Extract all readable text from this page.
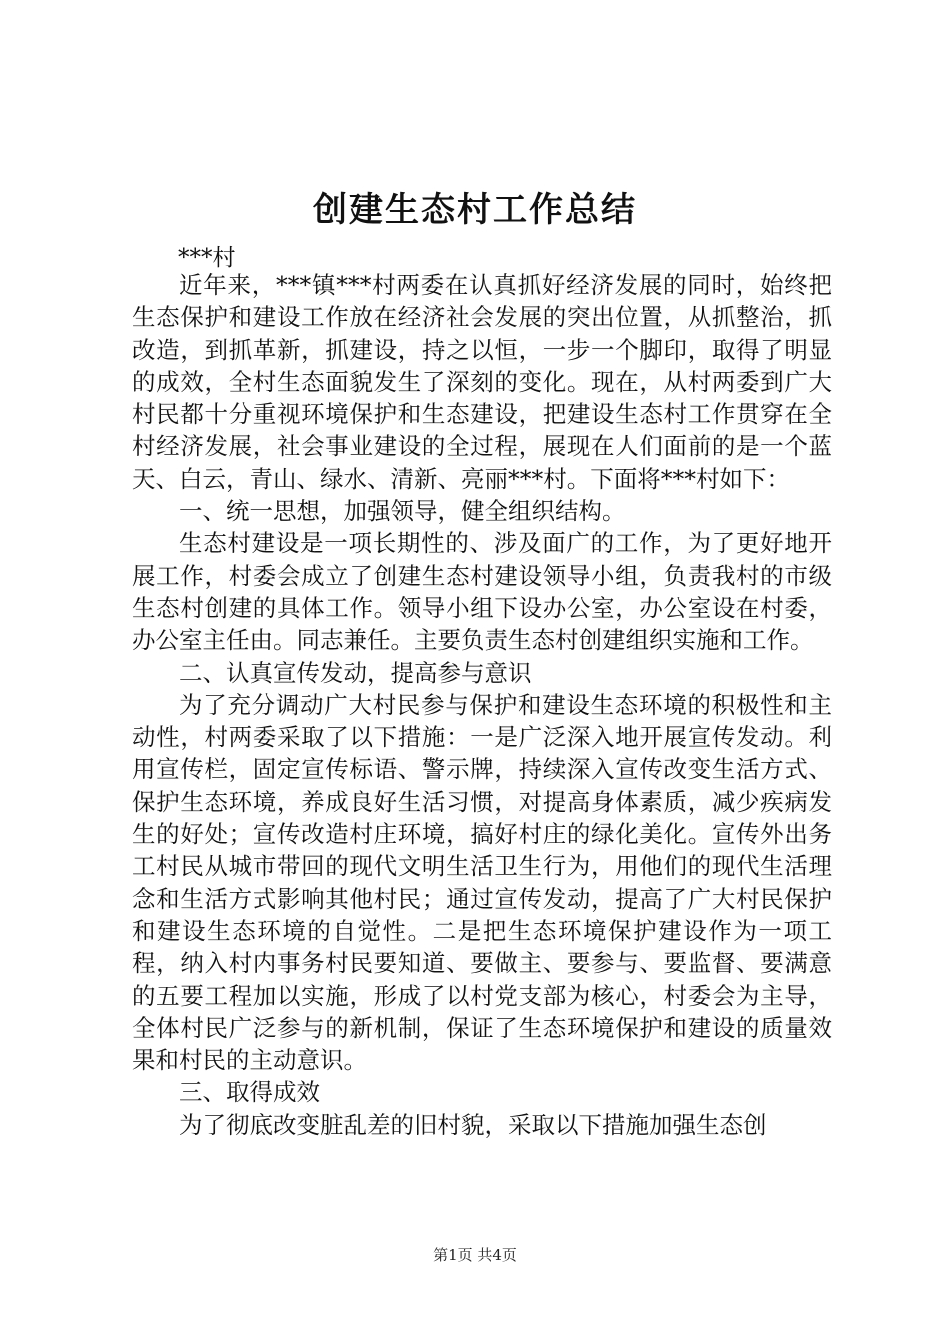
创建生态村工作总结
***村

近年来，***镇***村两委在认真抓好经济发展的同时，始终把生态保护和建设工作放在经济社会发展的突出位置，从抓整治，抓改造，到抓革新，抓建设，持之以恒，一步一个脚印，取得了明显的成效，全村生态面貌发生了深刻的变化。现在，从村两委到广大村民都十分重视环境保护和生态建设，把建设生态村工作贯穿在全村经济发展，社会事业建设的全过程，展现在人们面前的是一个蓝天、白云，青山、绿水、清新、亮丽***村。下面将***村如下：

一、统一思想，加强领导，健全组织结构。

生态村建设是一项长期性的、涉及面广的工作，为了更好地开展工作，村委会成立了创建生态村建设领导小组，负责我村的市级生态村创建的具体工作。领导小组下设办公室，办公室设在村委，办公室主任由。同志兼任。主要负责生态村创建组织实施和工作。

二、认真宣传发动，提高参与意识

为了充分调动广大村民参与保护和建设生态环境的积极性和主动性，村两委采取了以下措施：一是广泛深入地开展宣传发动。利用宣传栏，固定宣传标语、警示牌，持续深入宣传改变生活方式、保护生态环境，养成良好生活习惯，对提高身体素质，减少疾病发生的好处；宣传改造村庄环境，搞好村庄的绿化美化。宣传外出务工村民从城市带回的现代文明生活卫生行为，用他们的现代生活理念和生活方式影响其他村民；通过宣传发动，提高了广大村民保护和建设生态环境的自觉性。二是把生态环境保护建设作为一项工程，纳入村内事务村民要知道、要做主、要参与、要监督、要满意的五要工程加以实施，形成了以村党支部为核心，村委会为主导，全体村民广泛参与的新机制，保证了生态环境保护和建设的质量效果和村民的主动意识。

三、取得成效

为了彻底改变脏乱差的旧村貌，采取以下措施加强生态创

第1页 共4页
